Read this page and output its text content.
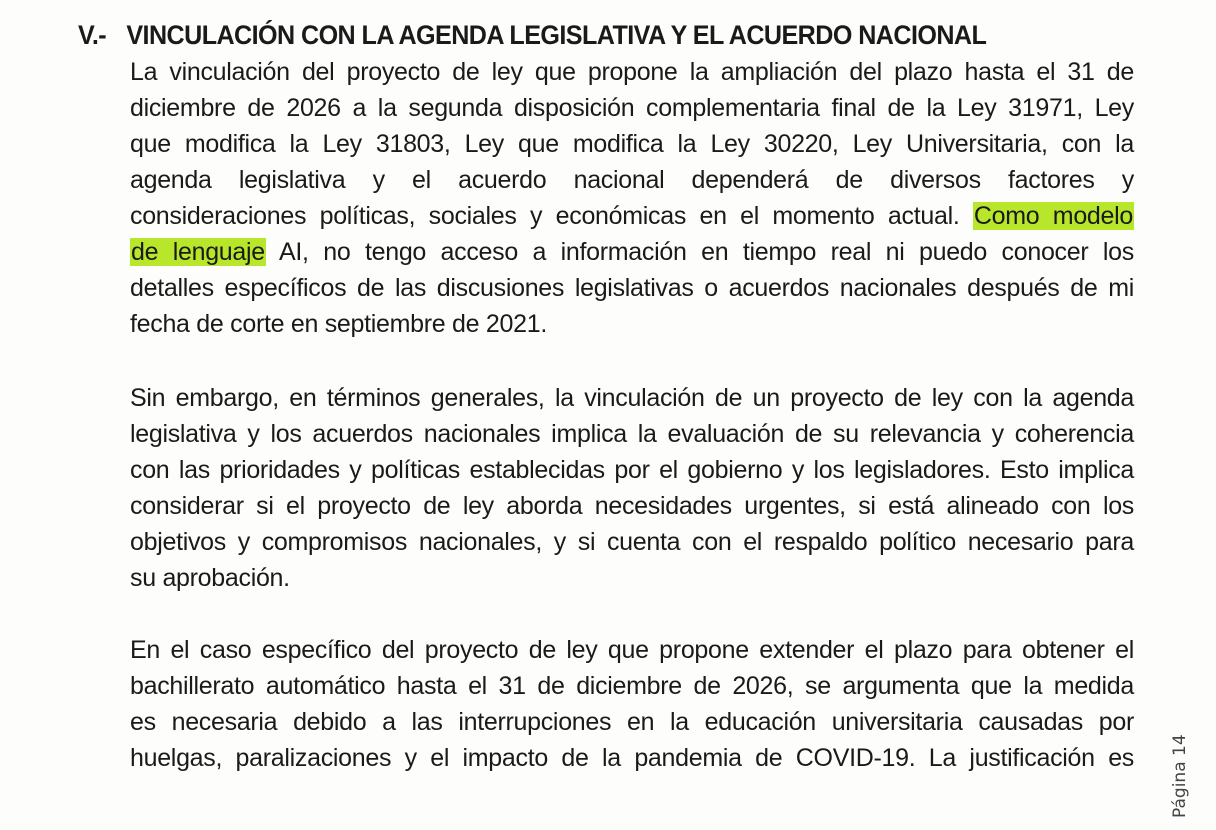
V.- VINCULACIÓN CON LA AGENDA LEGISLATIVA Y EL ACUERDO NACIONAL
La vinculación del proyecto de ley que propone la ampliación del plazo hasta el 31 de
diciembre de 2026 a la segunda disposición complementaria final de la Ley 31971, Ley
que modifica la Ley 31803, Ley que modifica la Ley 30220, Ley Universitaria, con la
agenda legislativa y el acuerdo nacional dependerá de diversos factores y
consideraciones políticas, sociales y económicas en el momento actual. Como modelo
de lenguaje AI, no tengo acceso a información en tiempo real ni puedo conocer los
detalles específicos de las discusiones legislativas o acuerdos nacionales después de mi
fecha de corte en septiembre de 2021.
Sin embargo, en términos generales, la vinculación de un proyecto de ley con la agenda
legislativa y los acuerdos nacionales implica la evaluación de su relevancia y coherencia
con las prioridades y políticas establecidas por el gobierno y los legisladores. Esto implica
considerar si el proyecto de ley aborda necesidades urgentes, si está alineado con los
objetivos y compromisos nacionales, y si cuenta con el respaldo político necesario para
su aprobación.
En el caso específico del proyecto de ley que propone extender el plazo para obtener el
bachillerato automático hasta el 31 de diciembre de 2026, se argumenta que la medida
es necesaria debido a las interrupciones en la educación universitaria causadas por
huelgas, paralizaciones y el impacto de la pandemia de COVID-19. La justificación es Página 14
